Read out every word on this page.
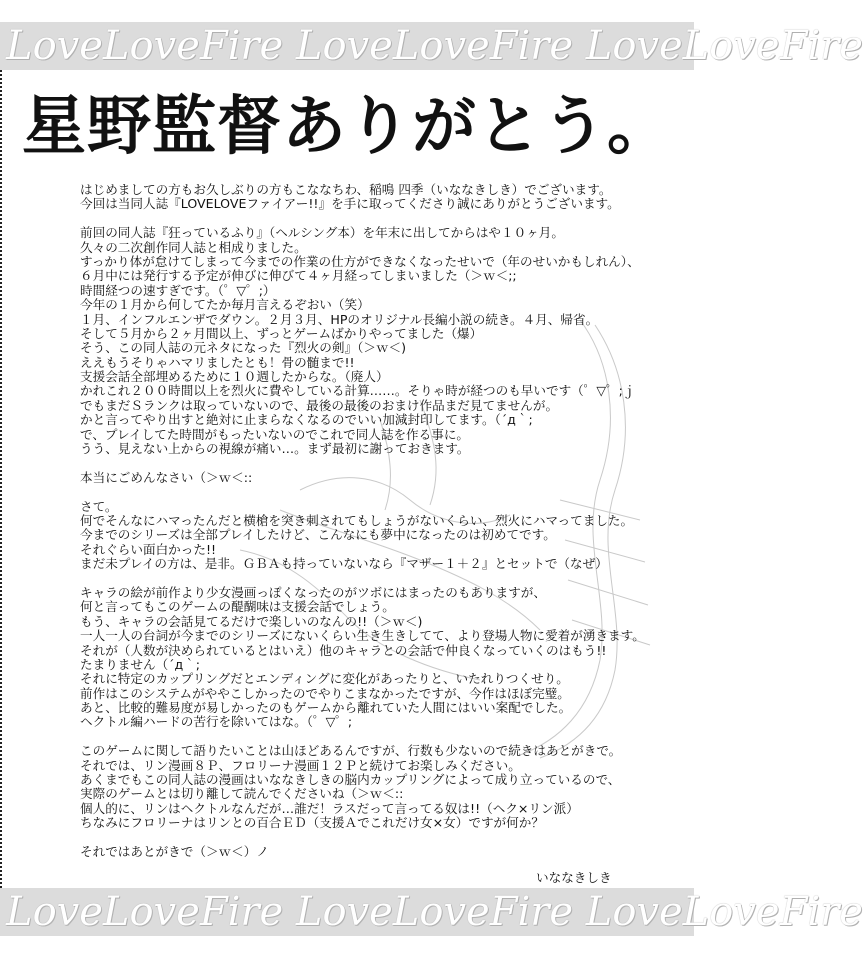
LoveLoveFire LoveLoveFire LoveLoveFire
星野監督ありがとう。
はじめましての方もお久しぶりの方もこななちわ、稲鳴 四季（いななきしき）でございます。
今回は当同人誌『LOVELOVEファイアー!!』を手に取ってくださり誠にありがとうございます。
前回の同人誌『狂っているふり』（ヘルシング本）を年末に出してからはや１０ヶ月。
久々の二次創作同人誌と相成りました。
すっかり体が怠けてしまって今までの作業の仕方ができなくなったせいで（年のせいかもしれん）、
６月中には発行する予定が伸びに伸びて４ヶ月経ってしまいました（＞ｗ＜;;
時間経つの速すぎです。（゜▽゜;）
今年の１月から何してたか毎月言えるぞおい（笑）
１月、インフルエンザでダウン。２月３月、HPのオリジナル長編小説の続き。４月、帰省。
そして５月から２ヶ月間以上、ずっとゲームばかりやってました（爆）
そう、この同人誌の元ネタになった『烈火の剣』（＞ｗ＜)
ええもうそりゃハマリましたとも！骨の髄まで!!
支援会話全部埋めるために１０週したからな。（廃人）
かれこれ２００時間以上を烈火に費やしている計算……。そりゃ時が経つのも早いです（゜▽゜;ｊ
でもまだＳランクは取っていないので、最後の最後のおまけ作品まだ見てませんが。
かと言ってやり出すと絶対に止まらなくなるのでいい加減封印してます。（´д｀;
で、プレイしてた時間がもったいないのでこれで同人誌を作る事に。
うう、見えない上からの視線が痛い…。まず最初に謝っておきます。
本当にごめんなさい（＞ｗ＜::
さて。
何でそんなにハマったんだと横槍を突き刺されてもしょうがないくらい、烈火にハマってました。
今までのシリーズは全部プレイしたけど、こんなにも夢中になったのは初めてです。
それぐらい面白かった!!
まだ未プレイの方は、是非。ＧＢＡも持っていないなら『マザー１＋２』とセットで（なぜ）
キャラの絵が前作より少女漫画っぽくなったのがツボにはまったのもありますが、
何と言ってもこのゲームの醍醐味は支援会話でしょう。
もう、キャラの会話見てるだけで楽しいのなんの!!（＞ｗ＜)
一人一人の台詞が今までのシリーズにないくらい生き生きしてて、より登場人物に愛着が湧きます。
それが（人数が決められているとはいえ）他のキャラとの会話で仲良くなっていくのはもう!!
たまりません（´д｀;
それに特定のカップリングだとエンディングに変化があったりと、いたれりつくせり。
前作はこのシステムがややこしかったのでやりこまなかったですが、今作はほぼ完璧。
あと、比較的難易度が易しかったのもゲームから離れていた人間にはいい案配でした。
ヘクトル編ハードの苦行を除いてはな。（゜▽゜;
このゲームに関して語りたいことは山ほどあるんですが、行数も少ないので続きはあとがきで。
それでは、リン漫画８Ｐ、フロリーナ漫画１２Ｐと続けてお楽しみください。
あくまでもこの同人誌の漫画はいななきしきの脳内カップリングによって成り立っているので、
実際のゲームとは切り離して読んでくださいね（＞ｗ＜::
個人的に、リンはヘクトルなんだが…誰だ！ラスだって言ってる奴は!!（ヘク×リン派）
ちなみにフロリーナはリンとの百合ＥＤ（支援Ａでこれだけ女×女）ですが何か？
それではあとがきで（＞ｗ＜）ノ
いななきしき
LoveLoveFire LoveLoveFire LoveLoveFire
